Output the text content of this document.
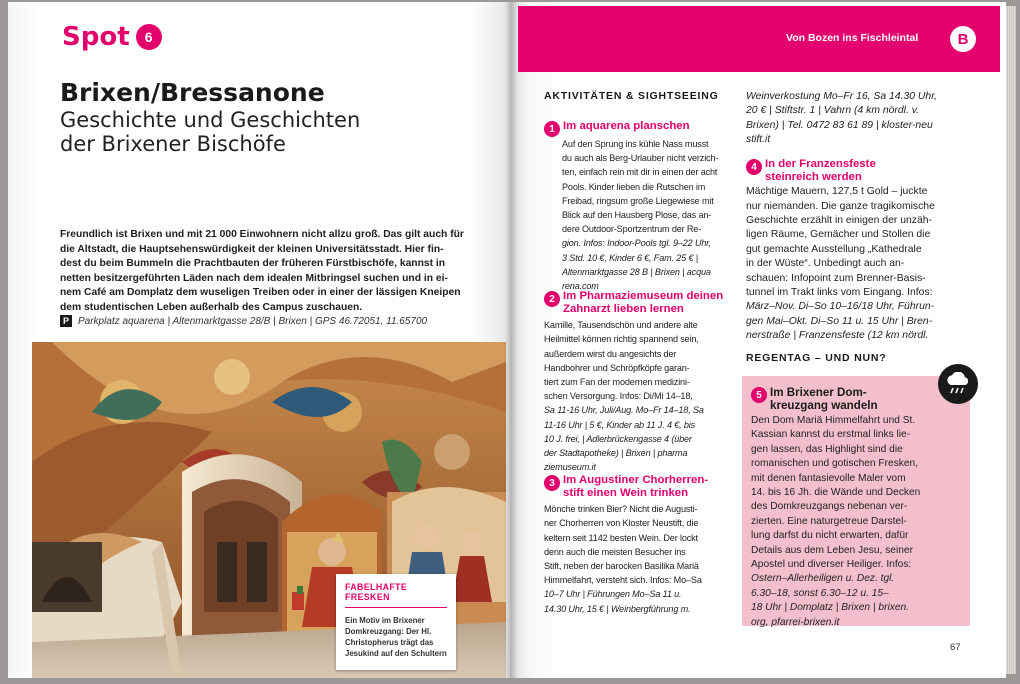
Spot	6
Brixen/Bressanone
Geschichte und Geschichten
der Brixener Bischöfe
Freundlich ist Brixen und mit 21 000 Einwohnern nicht allzu groß. Das gilt auch für
die Altstadt, die Hauptsehenswürdigkeit der kleinen Universitätsstadt. Hier fin-
dest du beim Bummeln die Prachtbauten der früheren Fürstbischöfe, kannst in
netten besitzergeführten Läden nach dem idealen Mitbringsel suchen und in ei-
nem Café am Domplatz dem wuseligen Treiben oder in einer der lässigen Kneipen
dem studentischen Leben außerhalb des Campus zuschauen.
P Parkplatz aquarena | Altenmarktgasse 28/B | Brixen | GPS 46.72051, 11.65700
FABELHAFTE FRESKEN
Ein Motiv im Brixener
Domkreuzgang: Der Hl.
Christopherus trägt das
Jesukind auf den Schultern
Von Bozen ins Fischleintal	B
AKTIVITÄTEN & SIGHTSEEING
1 Im aquarena planschen
Auf den Sprung ins kühle Nass musst
du auch als Berg-Urlauber nicht verzich-
ten, einfach rein mit dir in einen der acht
Pools. Kinder lieben die Rutschen im
Freibad, ringsum große Liegewiese mit
Blick auf den Hausberg Plose, das an-
dere Outdoor-Sportzentrum der Re-
gion. Infos: Indoor-Pools tgl. 9–22 Uhr,
3 Std. 10 €, Kinder 6 €, Fam. 25 € |
Altenmarktgasse 28 B | Brixen | acqua
rena.com
2 Im Pharmaziemuseum deinen
Zahnarzt lieben lernen
Kamille, Tausendschön und andere alte
Heilmittel können richtig spannend sein,
außerdem wirst du angesichts der
Handbohrer und Schröpfköpfe garan-
tiert zum Fan der modernen medizini-
schen Versorgung. Infos: Di/Mi 14–18,
Sa 11-16 Uhr, Juli/Aug. Mo–Fr 14–18, Sa
11-16 Uhr | 5 €, Kinder ab 11 J. 4 €, bis
10 J. frei, | Adlerbrückengasse 4 (über
der Stadtapotheke) | Brixen | pharma
ziemuseum.it
3 Im Augustiner Chorherren-
stift einen Wein trinken
Mönche trinken Bier? Nicht die Augusti-
ner Chorherren von Kloster Neustift, die
keltern seit 1142 besten Wein. Der lockt
denn auch die meisten Besucher ins
Stift, neben der barocken Basilika Mariä
Himmelfahrt, versteht sich. Infos: Mo–Sa
10–7 Uhr | Führungen Mo–Sa 11 u.
14.30 Uhr, 15 € | Weinbergführung m.
Weinverkostung Mo–Fr 16, Sa 14.30 Uhr,
20 € | Stiftstr. 1 | Vahrn (4 km nördl. v.
Brixen) | Tel. 0472 83 61 89 | kloster-neu
stift.it
4 In der Franzensfeste
steinreich werden
Mächtige Mauern, 127,5 t Gold – juckte
nur niemanden. Die ganze tragikomische
Geschichte erzählt in einigen der unzäh-
ligen Räume, Gemächer und Stollen die
gut gemachte Ausstellung „Kathedrale
in der Wüste“. Unbedingt auch an-
schauen: Infopoint zum Brenner-Basis-
tunnel im Trakt links vom Eingang. Infos:
März–Nov. Di–So 10–16/18 Uhr, Führun-
gen Mai–Okt. Di–So 11 u. 15 Uhr | Bren-
nerstraße | Franzensfeste (12 km nördl.
REGENTAG – UND NUN?
5 Im Brixener Dom-
kreuzgang wandeln
Den Dom Mariä Himmelfahrt und St.
Kassian kannst du erstmal links lie-
gen lassen, das Highlight sind die
romanischen und gotischen Fresken,
mit denen fantasievolle Maler vom
14. bis 16 Jh. die Wände und Decken
des Domkreuzgangs nebenan ver-
zierten. Eine naturgetreue Darstel-
lung darfst du nicht erwarten, dafür
Details aus dem Leben Jesu, seiner
Apostel und diverser Heiliger. Infos:
Ostern–Allerheiligen u. Dez. tgl.
6.30–18, sonst 6.30–12 u. 15–
18 Uhr | Domplatz | Brixen | brixen.
org, pfarrei-brixen.it
67
